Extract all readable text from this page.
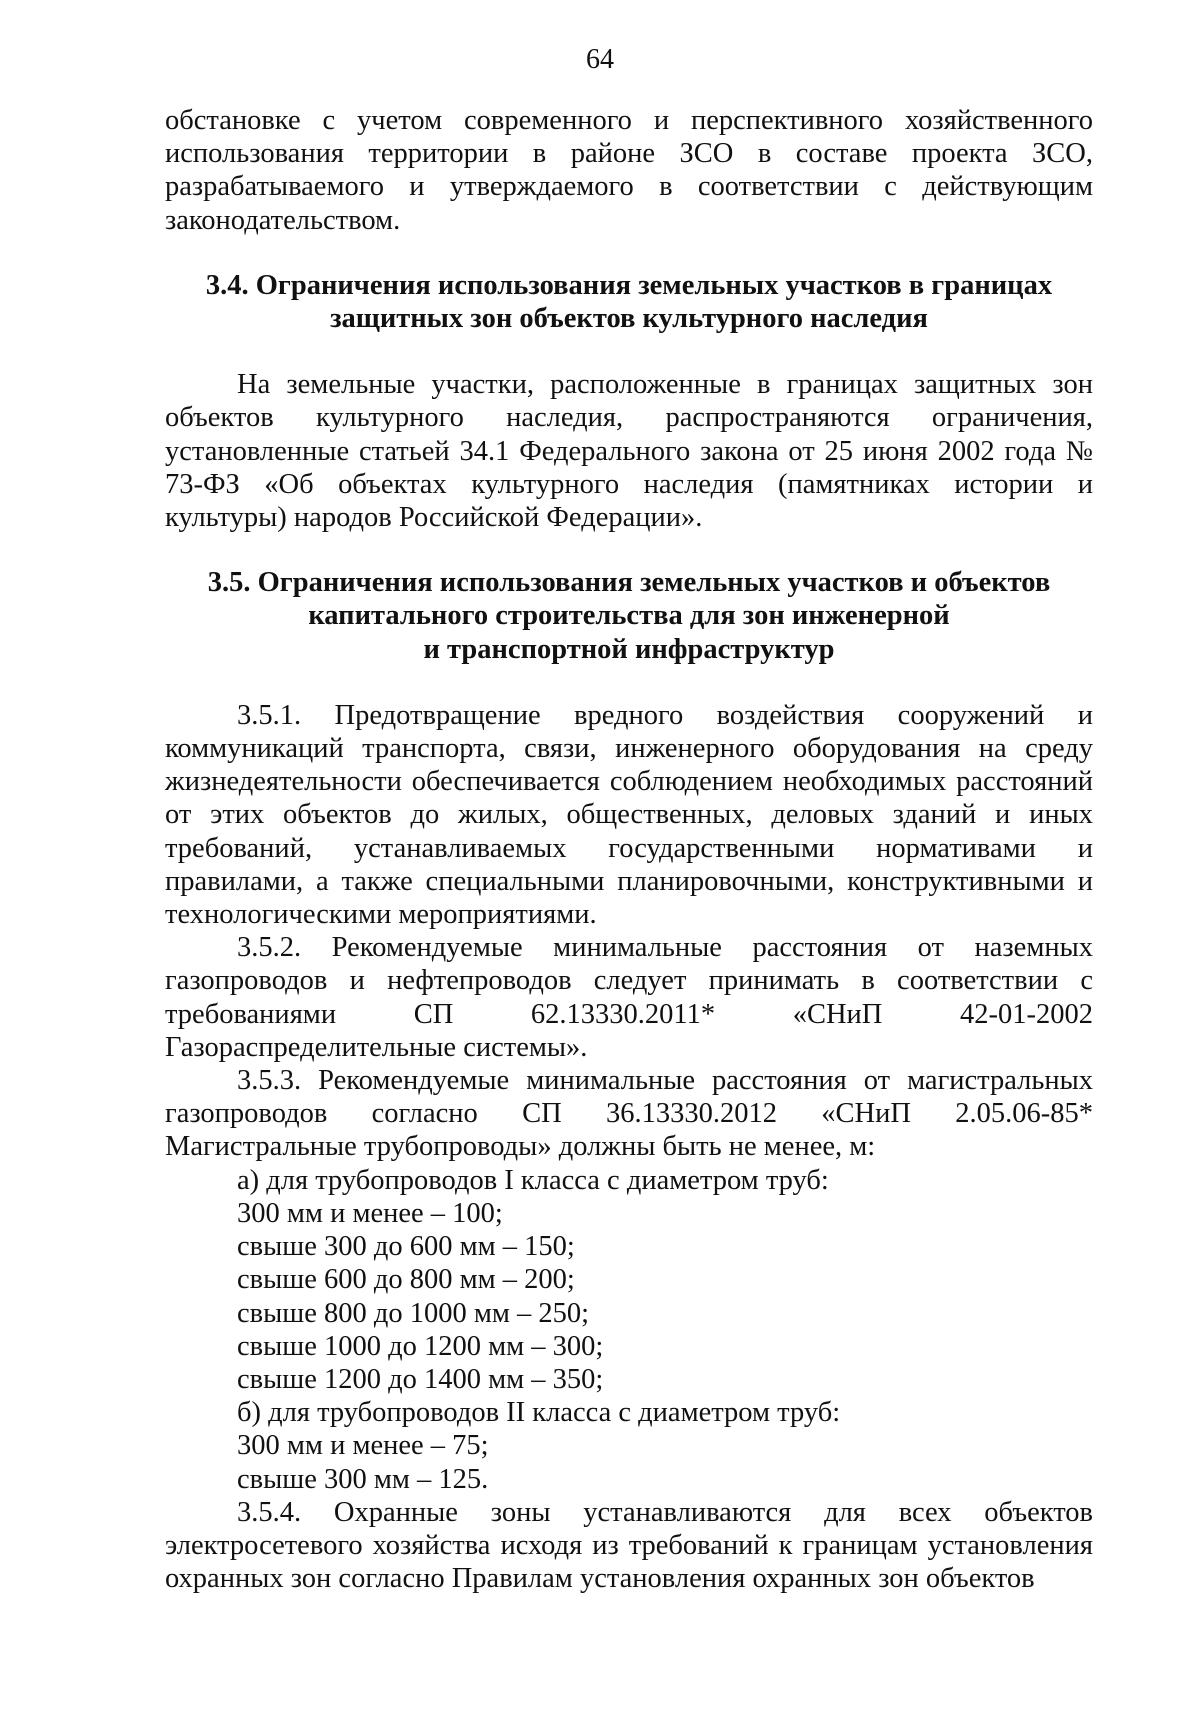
64

обстановке с учетом современного и перспективного хозяйственного использования территории в районе ЗСО в составе проекта ЗСО, разрабатываемого и утверждаемого в соответствии с действующим законодательством.

3.4. Ограничения использования земельных участков в границах
защитных зон объектов культурного наследия

На земельные участки, расположенные в границах защитных зон объектов культурного наследия, распространяются ограничения, установленные статьей 34.1 Федерального закона от 25 июня 2002 года № 73-ФЗ «Об объектах культурного наследия (памятниках истории и культуры) народов Российской Федерации».

3.5. Ограничения использования земельных участков и объектов
капитального строительства для зон инженерной
и транспортной инфраструктур

3.5.1. Предотвращение вредного воздействия сооружений и коммуникаций транспорта, связи, инженерного оборудования на среду жизнедеятельности обеспечивается соблюдением необходимых расстояний от этих объектов до жилых, общественных, деловых зданий и иных требований, устанавливаемых государственными нормативами и правилами, а также специальными планировочными, конструктивными и технологическими мероприятиями.

3.5.2. Рекомендуемые минимальные расстояния от наземных газопроводов и нефтепроводов следует принимать в соответствии с требованиями СП 62.13330.2011* «СНиП 42-01-2002 Газораспределительные системы».

3.5.3. Рекомендуемые минимальные расстояния от магистральных газопроводов согласно СП 36.13330.2012 «СНиП 2.05.06-85* Магистральные трубопроводы» должны быть не менее, м:

а) для трубопроводов I класса с диаметром труб:
300 мм и менее – 100;
свыше 300 до 600 мм – 150;
свыше 600 до 800 мм – 200;
свыше 800 до 1000 мм – 250;
свыше 1000 до 1200 мм – 300;
свыше 1200 до 1400 мм – 350;
б) для трубопроводов II класса с диаметром труб:
300 мм и менее – 75;
свыше 300 мм – 125.

3.5.4. Охранные зоны устанавливаются для всех объектов электросетевого хозяйства исходя из требований к границам установления охранных зон согласно Правилам установления охранных зон объектов
